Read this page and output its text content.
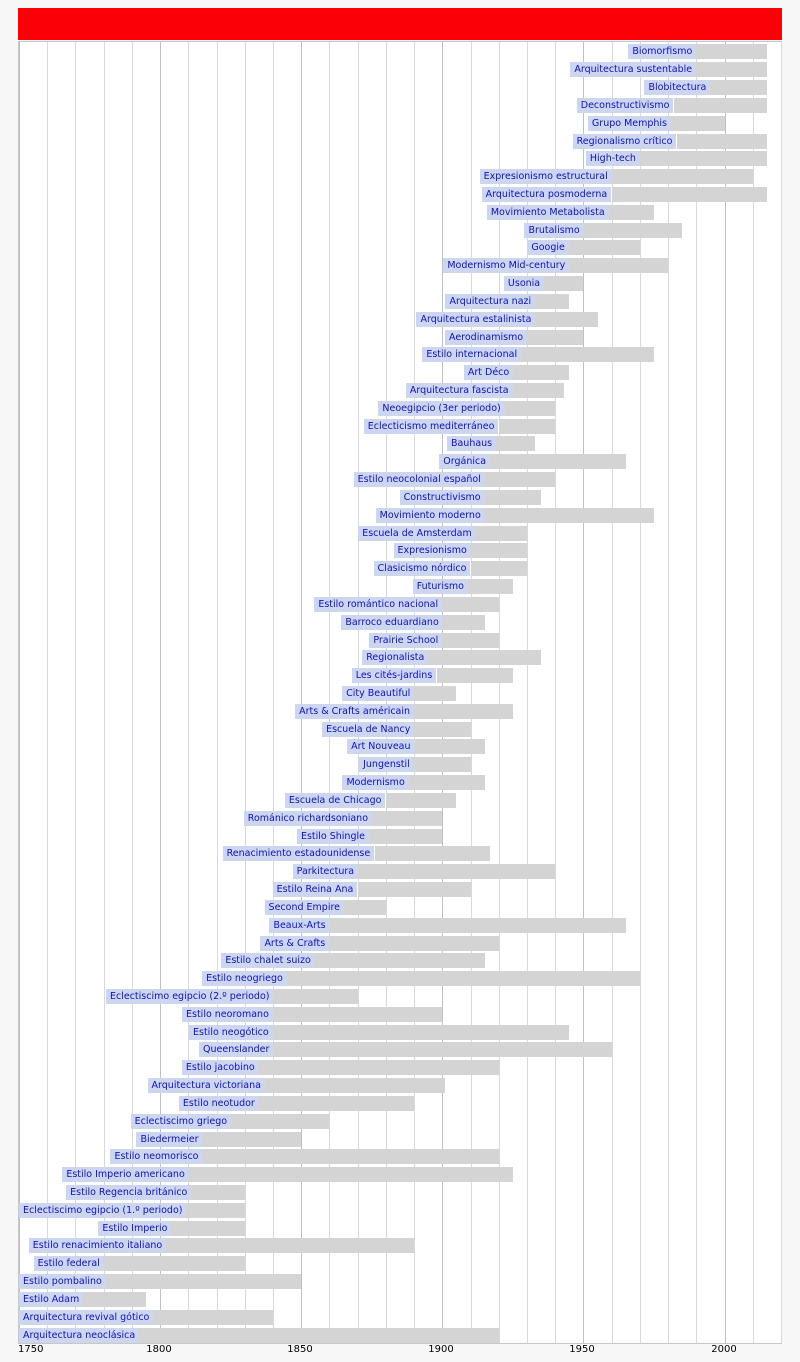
Biomorfismo
Arquitectura sustentable
Blobitectura
Deconstructivismo
Grupo Memphis
Regionalismo crítico
High-tech
Expresionismo estructural
Arquitectura posmoderna
Movimiento Metabolista
Brutalismo
Googie
Modernismo Mid-century
Usonia
Arquitectura nazi
Arquitectura estalinista
Aerodinamismo
Estilo internacional
Art Déco
Arquitectura fascista
Neoegipcio (3er periodo)
Eclecticismo mediterráneo
Bauhaus
Orgánica
Estilo neocolonial español
Constructivismo
Movimiento moderno
Escuela de Amsterdam
Expresionismo
Clasicismo nórdico
Futurismo
Estilo romántico nacional
Barroco eduardiano
Prairie School
Regionalista
Les cités-jardins
City Beautiful
Arts & Crafts américain
Escuela de Nancy
Art Nouveau
Jungenstil
Modernismo
Escuela de Chicago
Románico richardsoniano
Estilo Shingle
Renacimiento estadounidense
Parkitectura
Estilo Reina Ana
Second Empire
Beaux-Arts
Arts & Crafts
Estilo chalet suizo
Estilo neogriego
Eclectiscimo egipcio (2.º periodo)
Estilo neoromano
Estilo neogótico
Queenslander
Estilo jacobino
Arquitectura victoriana
Estilo neotudor
Eclectiscimo griego
Biedermeier
Estilo neomorisco
Estilo Imperio americano
Estilo Regencia británico
Eclectiscimo egipcio (1.º periodo)
Estilo Imperio
Estilo renacimiento italiano
Estilo federal
Estilo pombalino
Estilo Adam
Arquitectura revival gótico
Arquitectura neoclásica
1750	1800	1850	1900	1950	2000
